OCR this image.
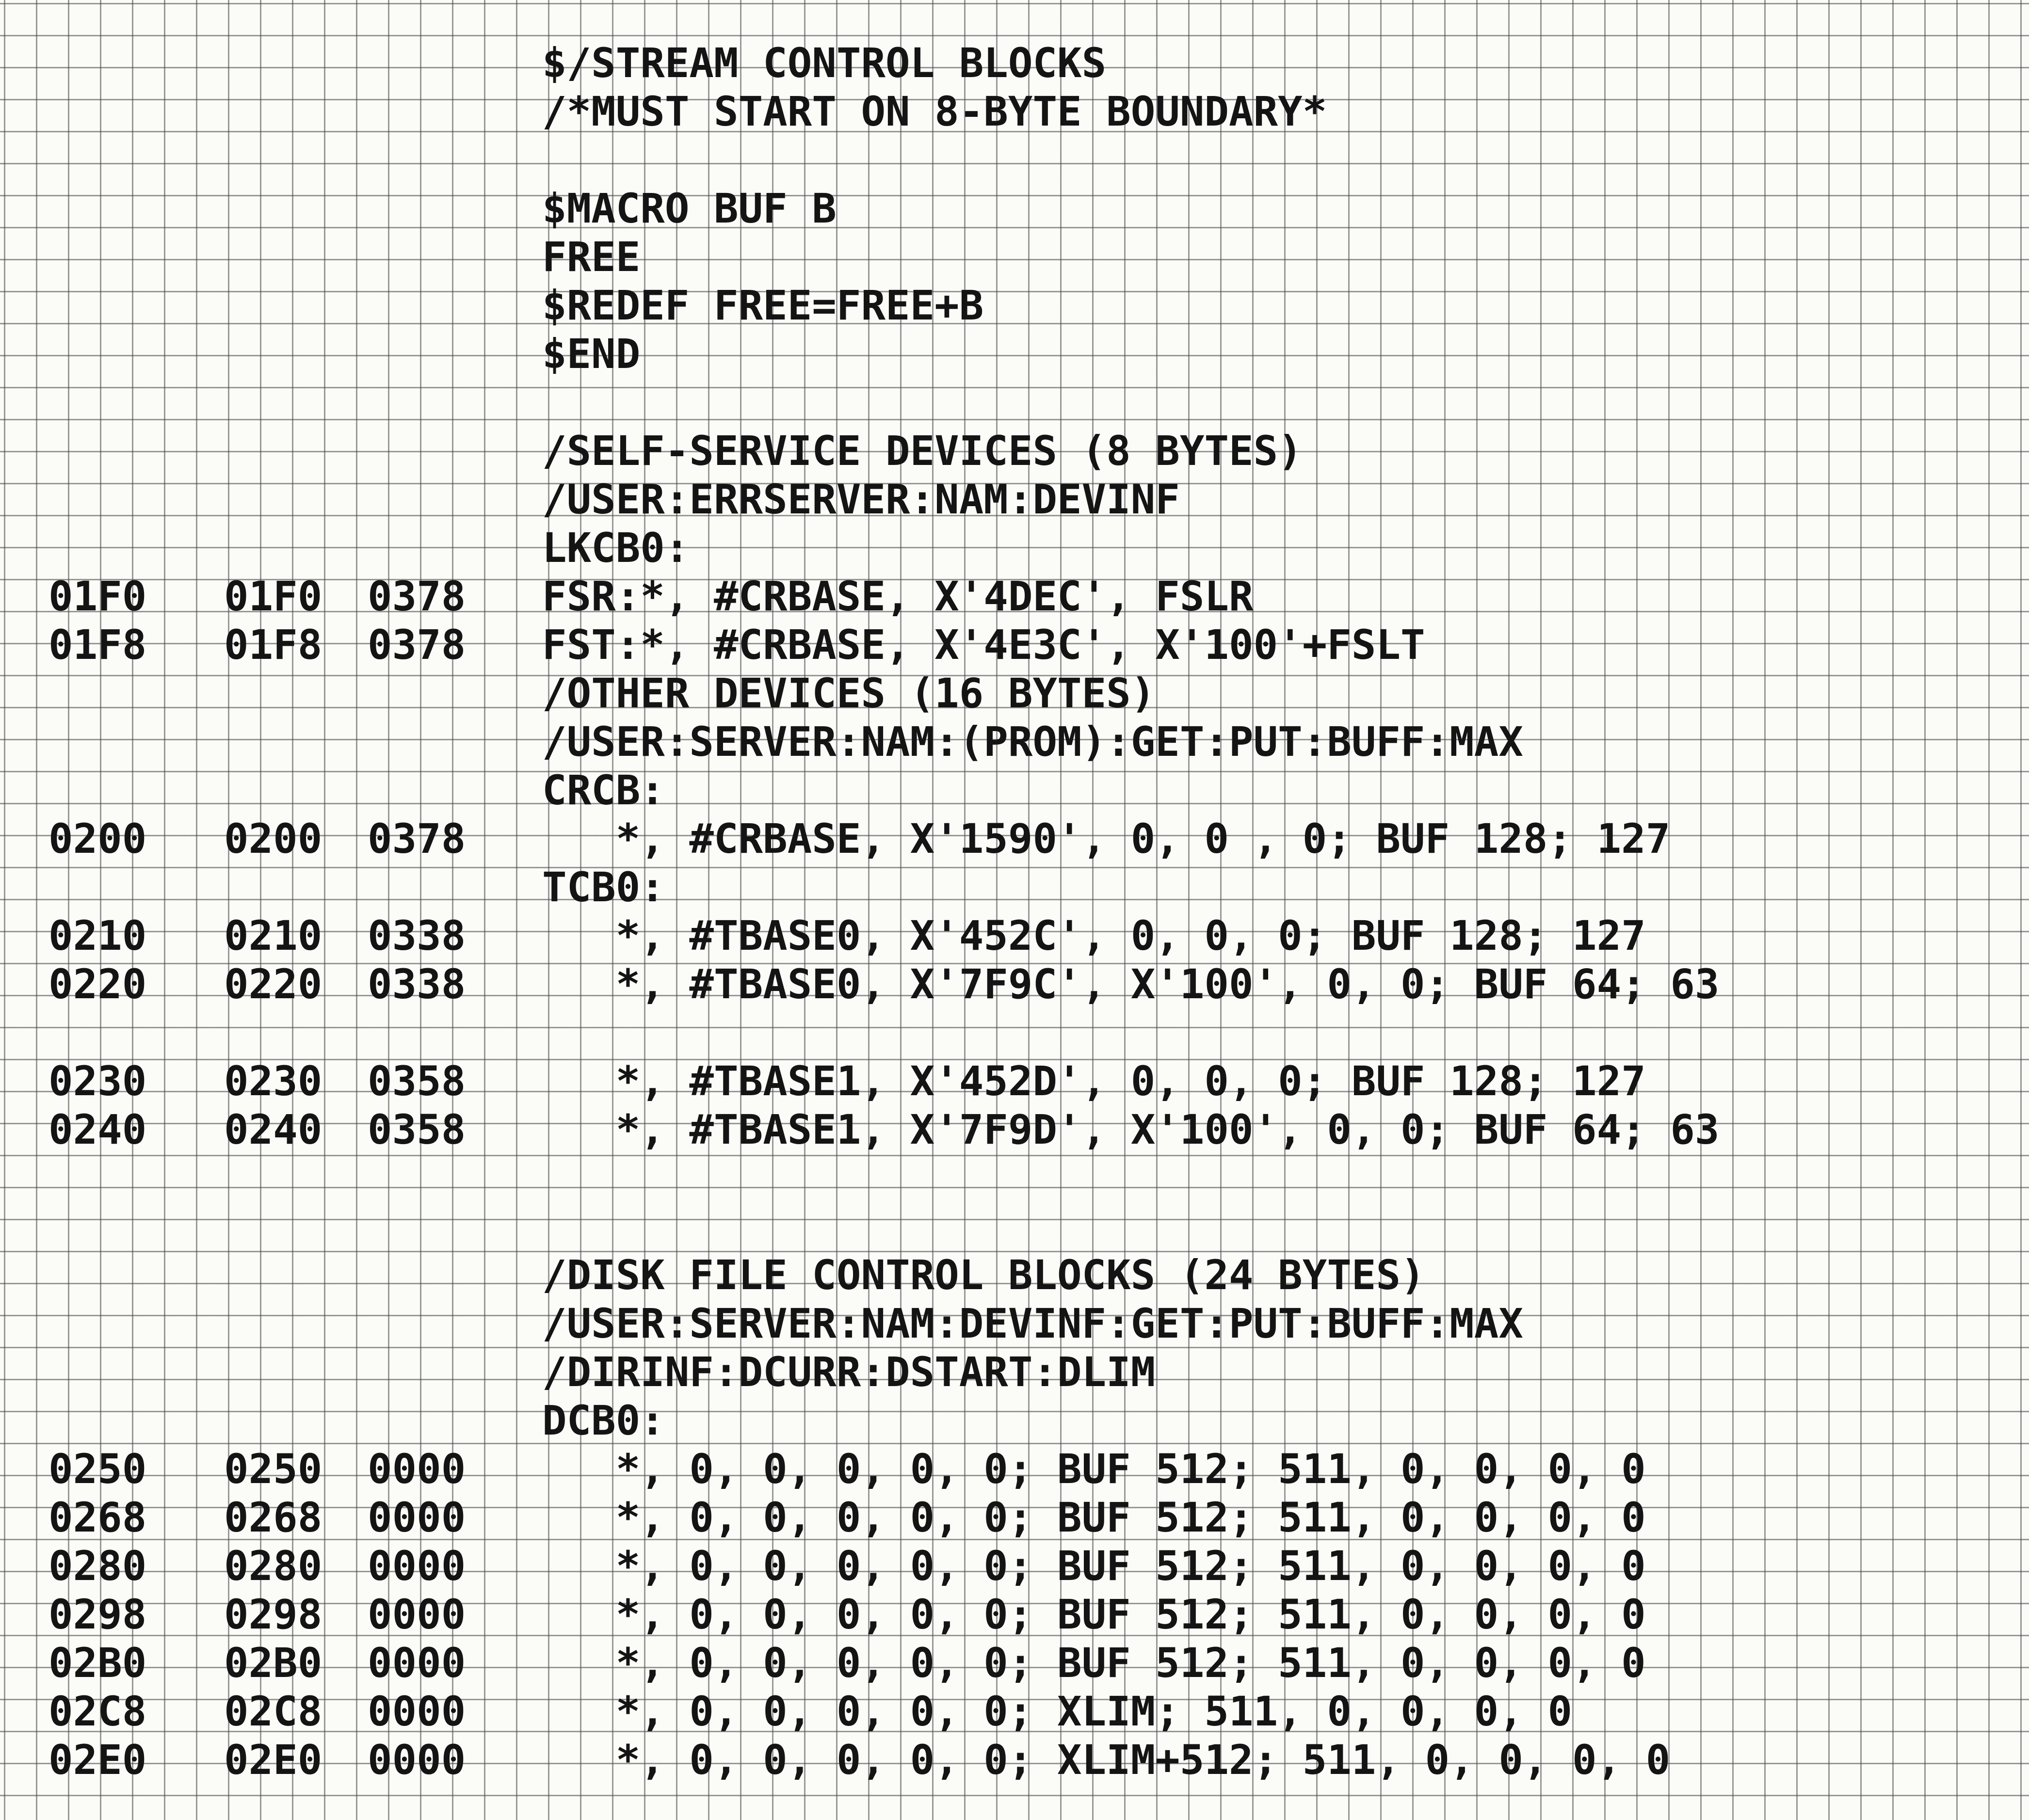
$/STREAM CONTROL BLOCKS
/*MUST START ON 8-BYTE BOUNDARY*
$MACRO BUF B
FREE
$REDEF FREE=FREE+B
$END
/SELF-SERVICE DEVICES (8 BYTES)
/USER:ERRSERVER:NAM:DEVINF
LKCB0:
01F0 01F0 0378 FSR:*, #CRBASE, X'4DEC', FSLR
01F8 01F8 0378 FST:*, #CRBASE, X'4E3C', X'100'+FSLT
/OTHER DEVICES (16 BYTES)
/USER:SERVER:NAM:(PROM):GET:PUT:BUFF:MAX
CRCB:
0200 0200 0378 *, #CRBASE, X'1590', 0, 0 , 0; BUF 128; 127
TCB0:
0210 0210 0338 *, #TBASE0, X'452C', 0, 0, 0; BUF 128; 127
0220 0220 0338 *, #TBASE0, X'7F9C', X'100', 0, 0; BUF 64; 63
0230 0230 0358 *, #TBASE1, X'452D', 0, 0, 0; BUF 128; 127
0240 0240 0358 *, #TBASE1, X'7F9D', X'100', 0, 0; BUF 64; 63
/DISK FILE CONTROL BLOCKS (24 BYTES)
/USER:SERVER:NAM:DEVINF:GET:PUT:BUFF:MAX
/DIRINF:DCURR:DSTART:DLIM
DCB0:
0250 0250 0000 *, 0, 0, 0, 0, 0; BUF 512; 511, 0, 0, 0, 0
0268 0268 0000 *, 0, 0, 0, 0, 0; BUF 512; 511, 0, 0, 0, 0
0280 0280 0000 *, 0, 0, 0, 0, 0; BUF 512; 511, 0, 0, 0, 0
0298 0298 0000 *, 0, 0, 0, 0, 0; BUF 512; 511, 0, 0, 0, 0
02B0 02B0 0000 *, 0, 0, 0, 0, 0; BUF 512; 511, 0, 0, 0, 0
02C8 02C8 0000 *, 0, 0, 0, 0, 0; XLIM; 511, 0, 0, 0, 0
02E0 02E0 0000 *, 0, 0, 0, 0, 0; XLIM+512; 511, 0, 0, 0, 0
